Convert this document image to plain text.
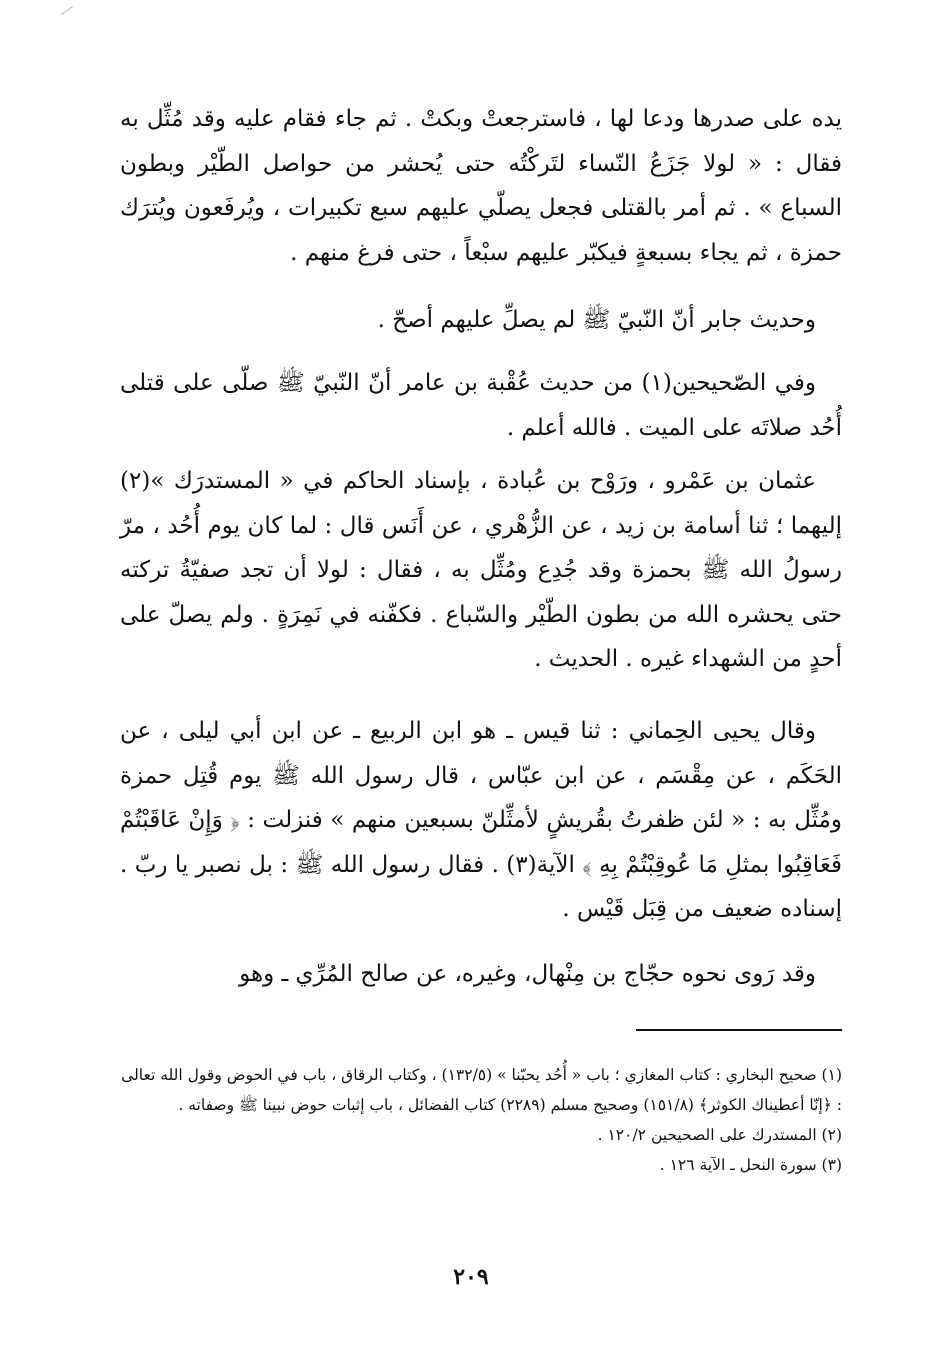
يده على صدرها ودعا لها ، فاسترجعتْ وبكتْ . ثم جاء فقام عليه وقد مُثِّل به فقال : « لولا جَزَعُ النّساء لتَركْتُه حتى يُحشر من حواصل الطّيْر وبطون السباع » . ثم أمر بالقتلى فجعل يصلّي عليهم سبع تكبيرات ، ويُرفَعون ويُترَك حمزة ، ثم يجاء بسبعةٍ فيكبّر عليهم سبْعاً ، حتى فرغ منهم .

وحديث جابر أنّ النّبيّ ﷺ لم يصلِّ عليهم أصحّ .

وفي الصّحيحين(١) من حديث عُقْبة بن عامر أنّ النّبيّ ﷺ صلّى على قتلى أُحُد صلاتَه على الميت . فالله أعلم .

عثمان بن عَمْرو ، ورَوْح بن عُبادة ، بإسناد الحاكم في « المستدرَك »(٢) إليهما ؛ ثنا أسامة بن زيد ، عن الزُّهْري ، عن أَنَس قال : لما كان يوم أُحُد ، مرّ رسولُ الله ﷺ بحمزة وقد جُدِع ومُثِّل به ، فقال : لولا أن تجد صفيّةُ تركته حتى يحشره الله من بطون الطّيْر والسّباع . فكفّنه في نَمِرَةٍ . ولم يصلّ على أحدٍ من الشهداء غيره . الحديث .

وقال يحيى الحِماني : ثنا قيس ـ هو ابن الربيع ـ عن ابن أبي ليلى ، عن الحَكَم ، عن مِقْسَم ، عن ابن عبّاس ، قال رسول الله ﷺ يوم قُتِل حمزة ومُثِّل به : « لئن ظفرتُ بقُريشٍ لأمثِّلنّ بسبعين منهم » فنزلت : ﴿ وَإِنْ عَاقَبْتُمْ فَعَاقِبُوا بمثلِ مَا عُوقِبْتُمْ بِهِ ﴾ الآية(٣) . فقال رسول الله ﷺ : بل نصبر يا ربّ . إسناده ضعيف من قِبَل قَيْس .

وقد رَوى نحوه حجّاج بن مِنْهال، وغيره، عن صالح المُرِّي ـ وهو

(١) صحيح البخاري : كتاب المغازي ؛ باب « أُحُد يحبّنا » (١٣٢/٥) ، وكتاب الرقاق ، باب في الحوض وقول الله تعالى : ﴿إنّا أعطيناك الكوثر﴾ (١٥١/٨) وصحيح مسلم (٢٢٨٩) كتاب الفضائل ، باب إثبات حوض نبينا ﷺ وصفاته .

(٢) المستدرك على الصحيحين ١٢٠/٢ .

(٣) سورة النحل ـ الآية ١٢٦ .

٢٠٩
